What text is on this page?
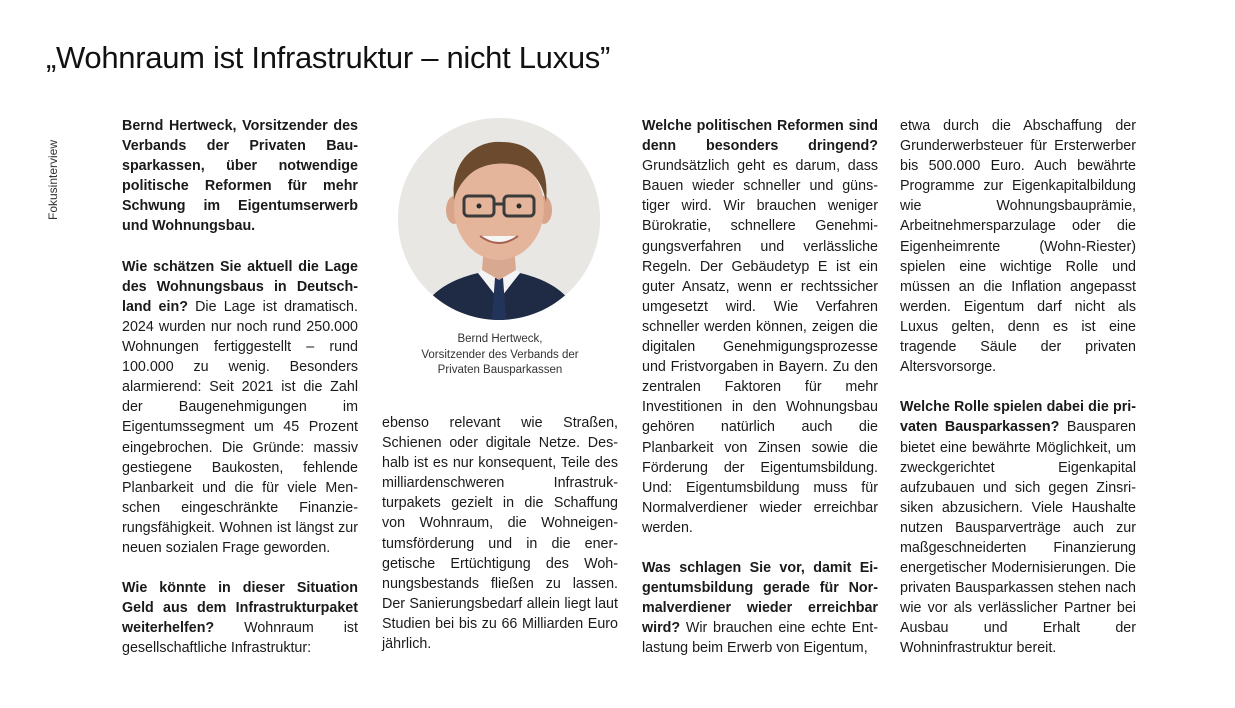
„Wohnraum ist Infrastruktur – nicht Luxus”
Fokusinterview

Bernd Hertweck, Vorsitzender des Verbands der Privaten Bausparkassen, über notwendige politische Reformen für mehr Schwung im Eigentumserwerb und Wohnungsbau.

Wie schätzen Sie aktuell die Lage des Wohnungsbaus in Deutschland ein? Die Lage ist dramatisch. 2024 wurden nur noch rund 250.000 Wohnungen fertiggestellt – rund 100.000 zu wenig. Besonders alarmierend: Seit 2021 ist die Zahl der Baugenehmigungen im Eigentumssegment um 45 Prozent eingebrochen. Die Gründe: massiv gestiegene Baukosten, fehlende Planbarkeit und die für viele Menschen eingeschränkte Finanzierungsfähigkeit. Wohnen ist längst zur neuen sozialen Frage geworden.

Wie könnte in dieser Situation Geld aus dem Infrastrukturpaket weiterhelfen? Wohnraum ist gesellschaftliche Infrastruktur:

Bernd Hertweck,
Vorsitzender des Verbands der
Privaten Bausparkassen

ebenso relevant wie Straßen, Schienen oder digitale Netze. Deshalb ist es nur konsequent, Teile des milliardenschweren Infrastrukturpakets gezielt in die Schaffung von Wohnraum, die Wohneigentumsförderung und in die energetische Ertüchtigung des Wohnungsbestands fließen zu lassen. Der Sanierungsbedarf allein liegt laut Studien bei bis zu 66 Milliarden Euro jährlich.

Welche politischen Reformen sind denn besonders dringend? Grundsätzlich geht es darum, dass Bauen wieder schneller und günstiger wird. Wir brauchen weniger Bürokratie, schnellere Genehmigungsverfahren und verlässliche Regeln. Der Gebäudetyp E ist ein guter Ansatz, wenn er rechtssicher umgesetzt wird. Wie Verfahren schneller werden können, zeigen die digitalen Genehmigungsprozesse und Fristvorgaben in Bayern. Zu den zentralen Faktoren für mehr Investitionen in den Wohnungsbau gehören natürlich auch die Planbarkeit von Zinsen sowie die Förderung der Eigentumsbildung. Und: Eigentumsbildung muss für Normalverdiener wieder erreichbar werden.

Was schlagen Sie vor, damit Eigentumsbildung gerade für Normalverdiener wieder erreichbar wird? Wir brauchen eine echte Entlastung beim Erwerb von Eigentum,

etwa durch die Abschaffung der Grunderwerbsteuer für Ersterwerber bis 500.000 Euro. Auch bewährte Programme zur Eigenkapitalbildung wie Wohnungsbauprämie, Arbeitnehmersparzulage oder die Eigenheimrente (Wohn-Riester) spielen eine wichtige Rolle und müssen an die Inflation angepasst werden. Eigentum darf nicht als Luxus gelten, denn es ist eine tragende Säule der privaten Altersvorsorge.

Welche Rolle spielen dabei die privaten Bausparkassen? Bausparen bietet eine bewährte Möglichkeit, um zweckgerichtet Eigenkapital aufzubauen und sich gegen Zinsrisiken abzusichern. Viele Haushalte nutzen Bausparverträge auch zur maßgeschneiderten Finanzierung energetischer Modernisierungen. Die privaten Bausparkassen stehen nach wie vor als verlässlicher Partner bei Ausbau und Erhalt der Wohninfrastruktur bereit.
